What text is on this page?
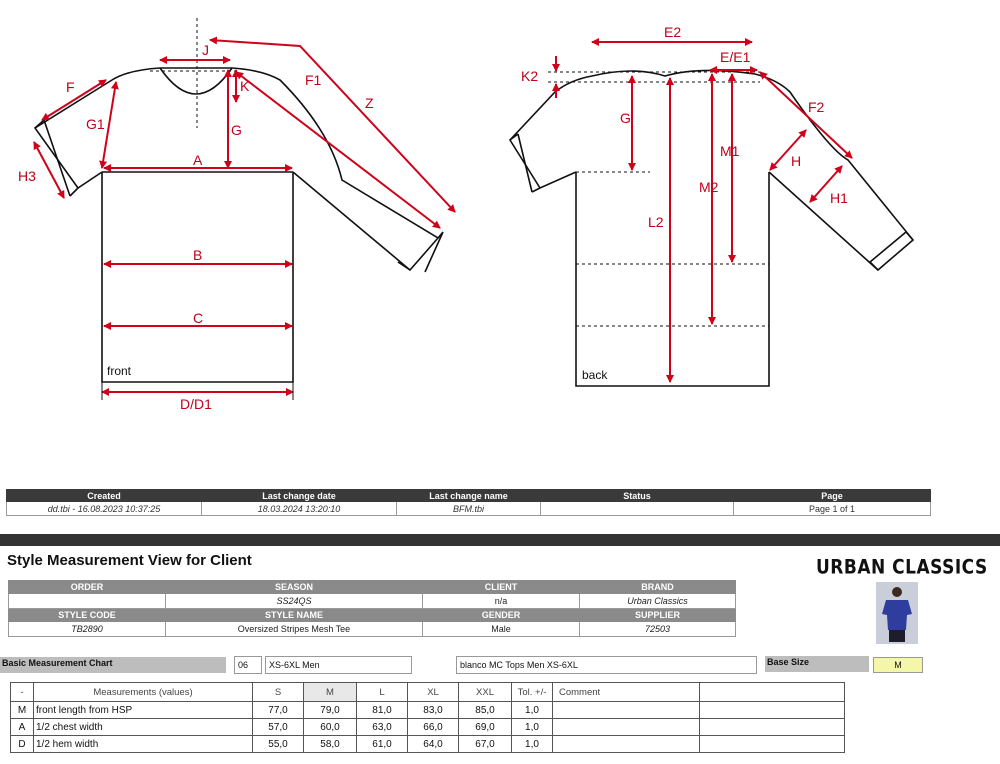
J
F	F1
Z
K
G1	G
H3
A
B
C
D/D1
front
E2
E/E1
K2
G
M1
F2
H
M2
H1
L2
back
Created	Last change date	Last change name	Status	Page
dd.tbi - 16.08.2023 10:37:25	18.03.2024 13:20:10	BFM.tbi		Page 1 of 1
Style Measurement View for Client	URBAN CLASSICS
ORDER	SEASON	CLIENT	BRAND
	SS24QS	n/a	Urban Classics
STYLE CODE	STYLE NAME	GENDER	SUPPLIER
TB2890	Oversized Stripes Mesh Tee	Male	72503
Basic Measurement Chart	06	XS-6XL Men	blanco MC Tops Men XS-6XL	Base Size	M
-	Measurements (values)	S	M	L	XL	XXL	Tol. +/-	Comment	
M	front length from HSP	77,0	79,0	81,0	83,0	85,0	1,0		
A	1/2 chest width	57,0	60,0	63,0	66,0	69,0	1,0		
D	1/2 hem width	55,0	58,0	61,0	64,0	67,0	1,0		
